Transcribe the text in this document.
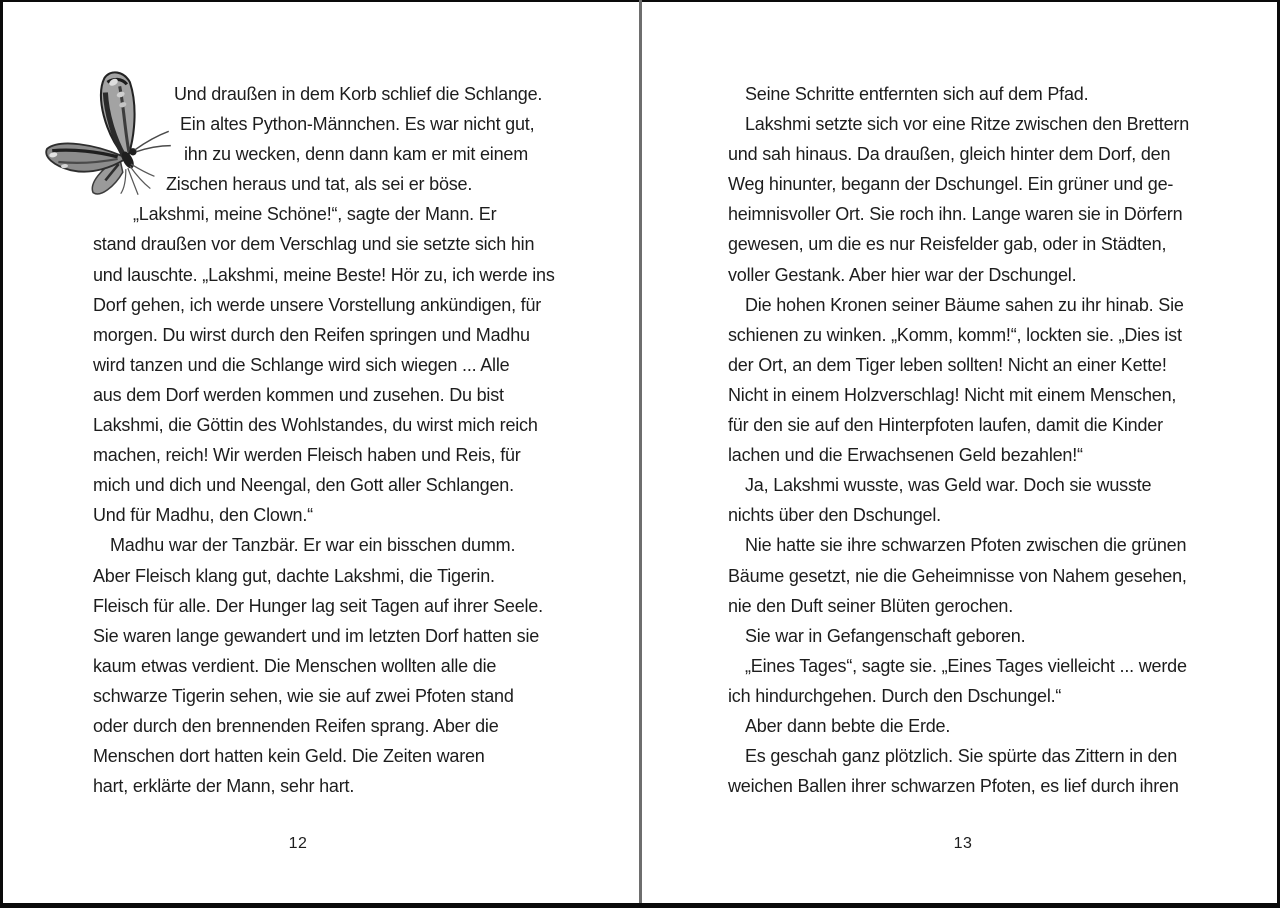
Und draußen in dem Korb schlief die Schlange.
Ein altes Python-Männchen. Es war nicht gut,
ihn zu wecken, denn dann kam er mit einem
Zischen heraus und tat, als sei er böse.
„Lakshmi, meine Schöne!“, sagte der Mann. Er
stand draußen vor dem Verschlag und sie setzte sich hin
und lauschte. „Lakshmi, meine Beste! Hör zu, ich werde ins
Dorf gehen, ich werde unsere Vorstellung ankündigen, für
morgen. Du wirst durch den Reifen springen und Madhu
wird tanzen und die Schlange wird sich wiegen ... Alle
aus dem Dorf werden kommen und zusehen. Du bist
Lakshmi, die Göttin des Wohlstandes, du wirst mich reich
machen, reich! Wir werden Fleisch haben und Reis, für
mich und dich und Neengal, den Gott aller Schlangen.
Und für Madhu, den Clown.“
Madhu war der Tanzbär. Er war ein bisschen dumm.
Aber Fleisch klang gut, dachte Lakshmi, die Tigerin.
Fleisch für alle. Der Hunger lag seit Tagen auf ihrer Seele.
Sie waren lange gewandert und im letzten Dorf hatten sie
kaum etwas verdient. Die Menschen wollten alle die
schwarze Tigerin sehen, wie sie auf zwei Pfoten stand
oder durch den brennenden Reifen sprang. Aber die
Menschen dort hatten kein Geld. Die Zeiten waren
hart, erklärte der Mann, sehr hart.
Seine Schritte entfernten sich auf dem Pfad.
Lakshmi setzte sich vor eine Ritze zwischen den Brettern
und sah hinaus. Da draußen, gleich hinter dem Dorf, den
Weg hinunter, begann der Dschungel. Ein grüner und ge-
heimnisvoller Ort. Sie roch ihn. Lange waren sie in Dörfern
gewesen, um die es nur Reisfelder gab, oder in Städten,
voller Gestank. Aber hier war der Dschungel.
Die hohen Kronen seiner Bäume sahen zu ihr hinab. Sie
schienen zu winken. „Komm, komm!“, lockten sie. „Dies ist
der Ort, an dem Tiger leben sollten! Nicht an einer Kette!
Nicht in einem Holzverschlag! Nicht mit einem Menschen,
für den sie auf den Hinterpfoten laufen, damit die Kinder
lachen und die Erwachsenen Geld bezahlen!“
Ja, Lakshmi wusste, was Geld war. Doch sie wusste
nichts über den Dschungel.
Nie hatte sie ihre schwarzen Pfoten zwischen die grünen
Bäume gesetzt, nie die Geheimnisse von Nahem gesehen,
nie den Duft seiner Blüten gerochen.
Sie war in Gefangenschaft geboren.
„Eines Tages“, sagte sie. „Eines Tages vielleicht ... werde
ich hindurchgehen. Durch den Dschungel.“
Aber dann bebte die Erde.
Es geschah ganz plötzlich. Sie spürte das Zittern in den
weichen Ballen ihrer schwarzen Pfoten, es lief durch ihren
12	13
